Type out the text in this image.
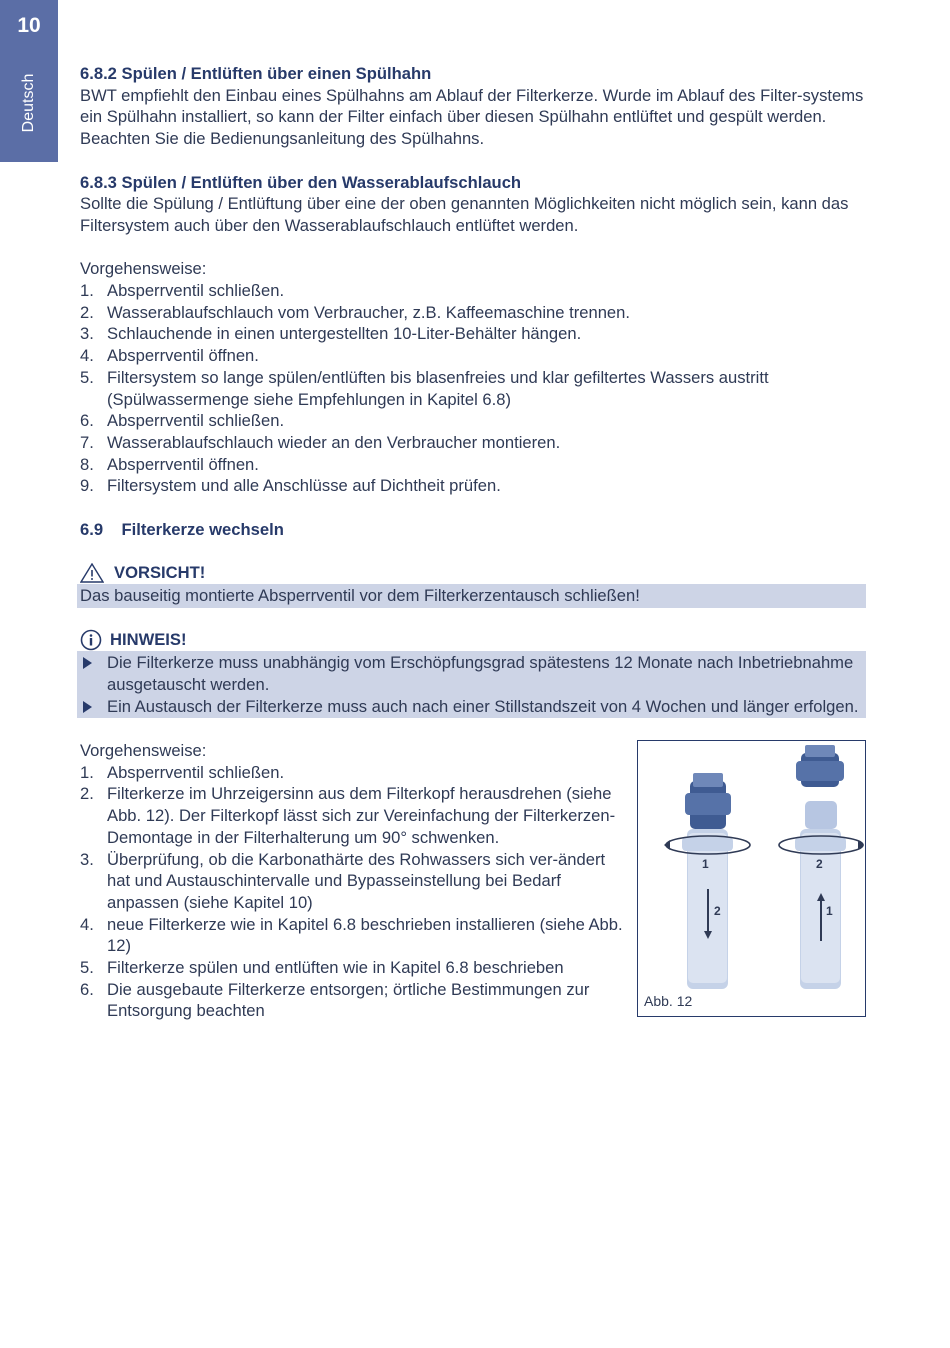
10
Deutsch
6.8.2 Spülen / Entlüften über einen Spülhahn

BWT empfiehlt den Einbau eines Spülhahns am Ablauf der Filterkerze. Wurde im Ablauf des Filter-systems ein Spülhahn installiert, so kann der Filter einfach über diesen Spülhahn entlüftet und gespült werden. Beachten Sie die Bedienungsanleitung des Spülhahns.

6.8.3 Spülen / Entlüften über den Wasserablaufschlauch

Sollte die Spülung / Entlüftung über eine der oben genannten Möglichkeiten nicht möglich sein, kann das Filtersystem auch über den Wasserablaufschlauch entlüftet werden.

Vorgehensweise:

1. Absperrventil schließen.
2. Wasserablaufschlauch vom Verbraucher, z.B. Kaffeemaschine trennen.
3. Schlauchende in einen untergestellten 10-Liter-Behälter hängen.
4. Absperrventil öffnen.
5. Filtersystem so lange spülen/entlüften bis blasenfreies und klar gefiltertes Wassers austritt (Spülwassermenge siehe Empfehlungen in Kapitel 6.8)
6. Absperrventil schließen.
7. Wasserablaufschlauch wieder an den Verbraucher montieren.
8. Absperrventil öffnen.
9. Filtersystem und alle Anschlüsse auf Dichtheit prüfen.
6.9    Filterkerze wechseln
VORSICHT!
Das bauseitig montierte Absperrventil vor dem Filterkerzentausch schließen!
HINWEIS!
Die Filterkerze muss unabhängig vom Erschöpfungsgrad spätestens 12 Monate nach Inbetriebnahme ausgetauscht werden.
Ein Austausch der Filterkerze muss auch nach einer Stillstandszeit von 4 Wochen und länger erfolgen.

Vorgehensweise:

1. Absperrventil schließen.
2. Filterkerze im Uhrzeigersinn aus dem Filterkopf herausdrehen (siehe Abb. 12). Der Filterkopf lässt sich zur Vereinfachung der Filterkerzen-Demontage in der Filterhalterung um 90° schwenken.
3. Überprüfung, ob die Karbonathärte des Rohwassers sich ver-ändert hat und Austauschintervalle und Bypasseinstellung bei Bedarf anpassen (siehe Kapitel 10)
4. neue Filterkerze wie in Kapitel 6.8 beschrieben installieren (siehe Abb. 12)
5. Filterkerze spülen und entlüften wie in Kapitel 6.8 beschrieben
6. Die ausgebaute Filterkerze entsorgen; örtliche Bestimmungen zur Entsorgung beachten
1
2
2
1
Abb. 12
